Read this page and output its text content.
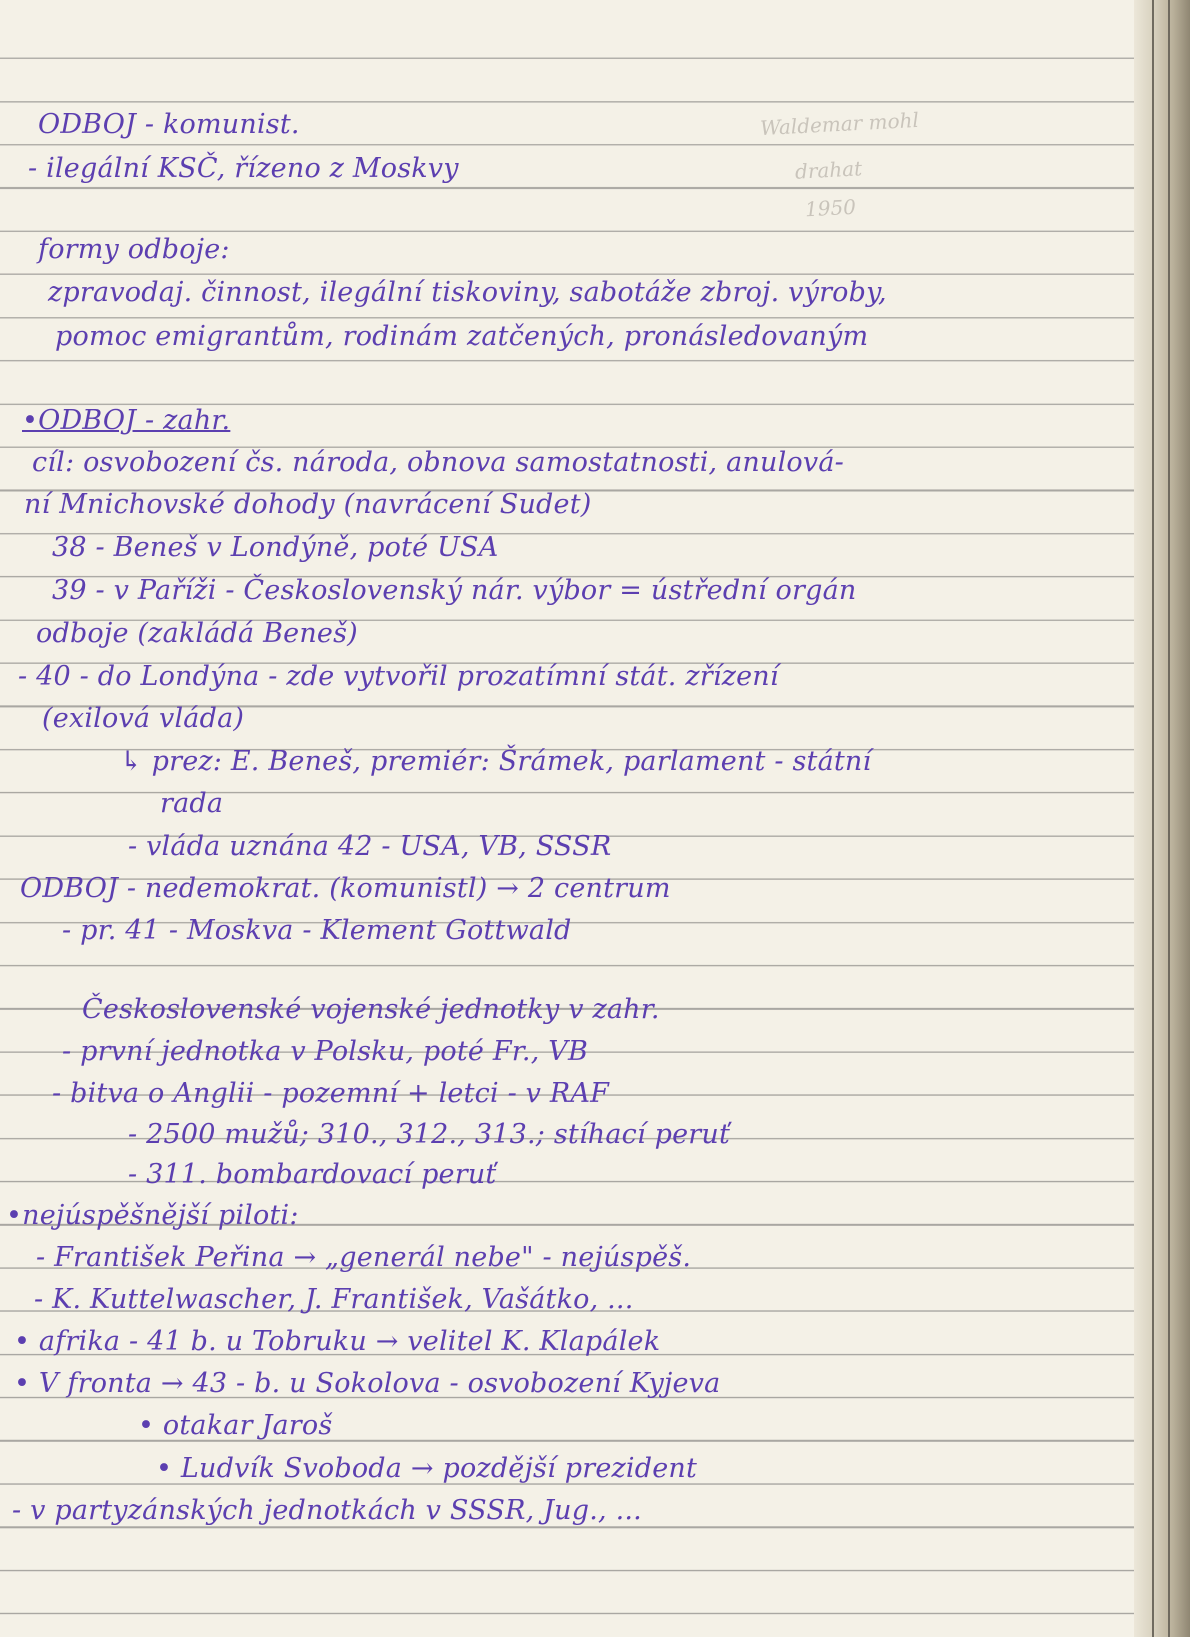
Waldemar mohl
drahat
1950
ODBOJ - komunist.
- ilegální KSČ, řízeno z Moskvy
formy odboje:
zpravodaj. činnost, ilegální tiskoviny, sabotáže zbroj. výroby,
pomoc emigrantům, rodinám zatčených, pronásledovaným
•ODBOJ - zahr.
cíl: osvobození čs. národa, obnova samostatnosti, anulová-
ní Mnichovské dohody (navrácení Sudet)
38 - Beneš v Londýně, poté USA
39 - v Paříži - Československý nár. výbor = ústřední orgán
odboje (zakládá Beneš)
- 40 - do Londýna - zde vytvořil prozatímní stát. zřízení
(exilová vláda)
↳ prez: E. Beneš, premiér: Šrámek, parlament - státní
rada
- vláda uznána 42 - USA, VB, SSSR
ODBOJ - nedemokrat. (komunistl) → 2 centrum
- pr. 41 - Moskva - Klement Gottwald
Československé vojenské jednotky v zahr.
- první jednotka v Polsku, poté Fr., VB
- bitva o Anglii - pozemní + letci - v RAF
- 2500 mužů; 310., 312., 313.; stíhací peruť
- 311. bombardovací peruť
•nejúspěšnější piloti:
- František Peřina → „generál nebe" - nejúspěš.
- K. Kuttelwascher, J. František, Vašátko, ...
• afrika - 41 b. u Tobruku → velitel K. Klapálek
• V fronta → 43 - b. u Sokolova - osvobození Kyjeva
• otakar Jaroš
• Ludvík Svoboda → pozdější prezident
- v partyzánských jednotkách v SSSR, Jug., ...
